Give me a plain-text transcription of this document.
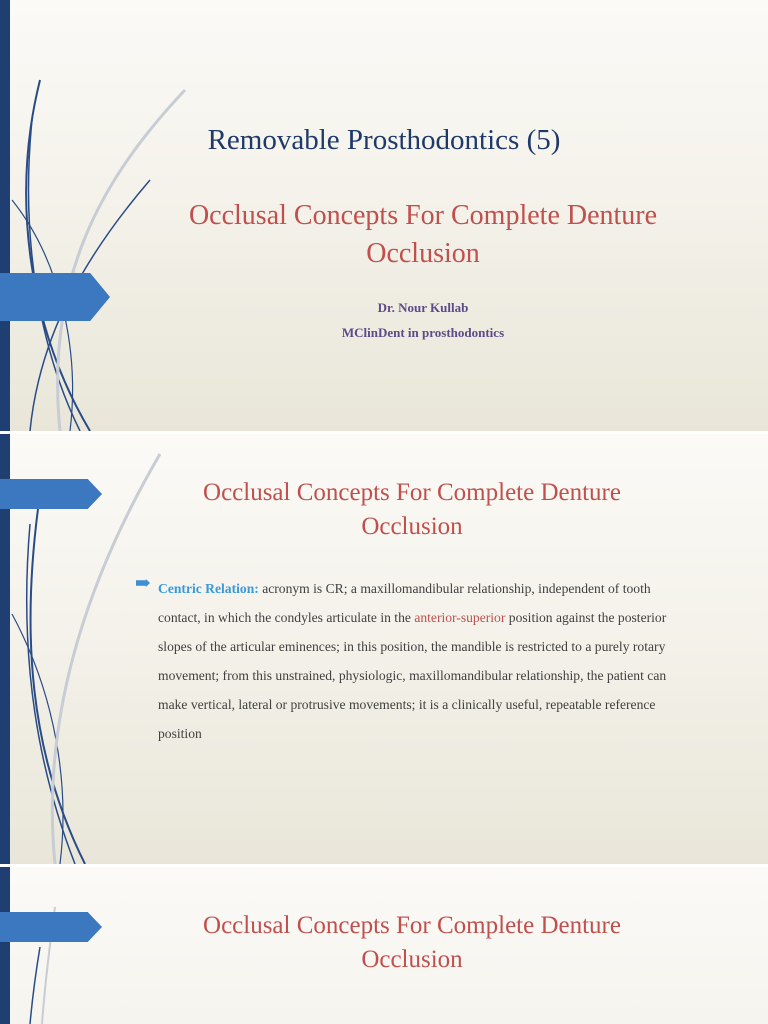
Removable Prosthodontics (5)
Occlusal Concepts For Complete Denture
Occlusion
Dr. Nour Kullab
MClinDent in prosthodontics
Occlusal Concepts For Complete Denture
Occlusion
Centric Relation: acronym is CR; a maxillomandibular relationship, independent of tooth contact, in which the condyles articulate in the anterior-superior position against the posterior slopes of the articular eminences; in this position, the mandible is restricted to a purely rotary movement; from this unstrained, physiologic, maxillomandibular relationship, the patient can make vertical, lateral or protrusive movements; it is a clinically useful, repeatable reference position
Occlusal Concepts For Complete Denture
Occlusion
